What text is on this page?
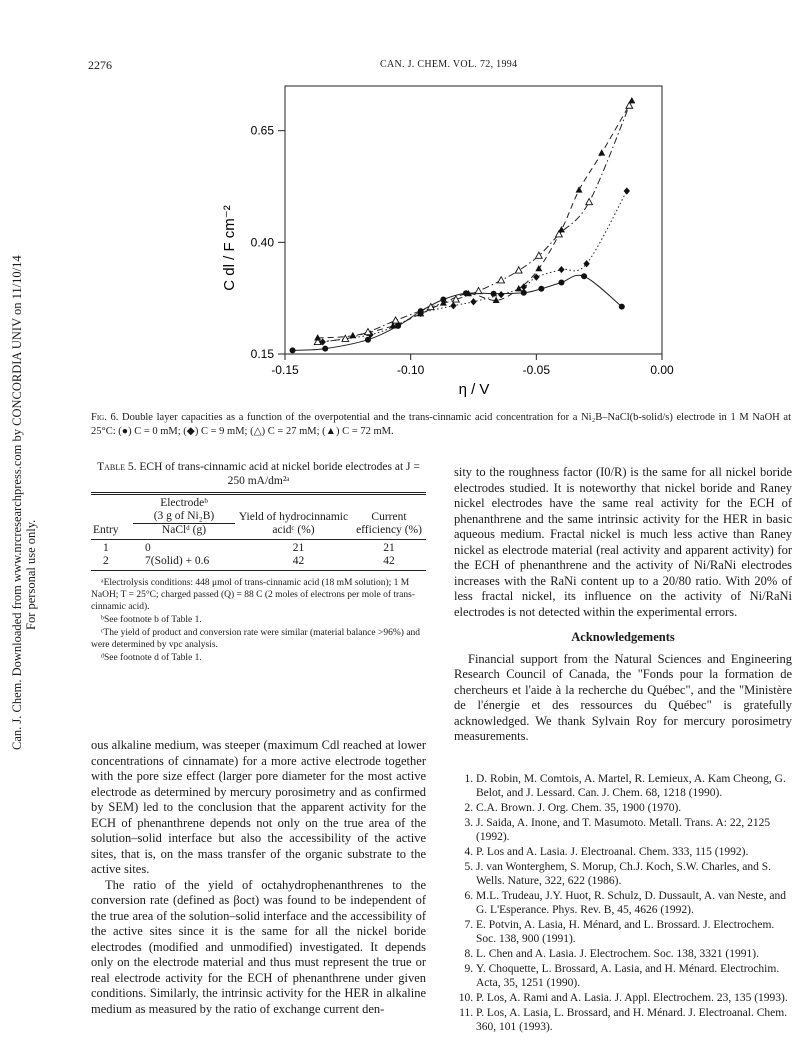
2276	CAN. J. CHEM. VOL. 72, 1994
Can. J. Chem. Downloaded from www.nrcresearchpress.com by CONCORDIA UNIV on 11/10/14
For personal use only.
-0.15	-0.10	-0.05	0.00
0.15
0.40
0.65
C dl / F cm⁻²
η / V
Fig. 6. Double layer capacities as a function of the overpotential and the trans-cinnamic acid concentration for a Ni₂B–NaCl(b-solid/s) electrode in 1 M NaOH at 25°C: (●) C = 0 mM; (◆) C = 9 mM; (△) C = 27 mM; (▲) C = 72 mM.
Table 5. ECH of trans-cinnamic acid at nickel boride electrodes at J = 250 mA/dm²ᵃ
	Electrodeᵇ
(3 g of Ni₂B)	Yield of hydrocinnamic acidᶜ (%)	Current efficiency (%)
Entry	NaClᵈ (g)		
1	0	21	21
2	7(Solid) + 0.6	42	42

ᵃElectrolysis conditions: 448 μmol of trans-cinnamic acid (18 mM solution); 1 M NaOH; T = 25°C; charged passed (Q) = 88 C (2 moles of electrons per mole of trans-cinnamic acid).

ᵇSee footnote b of Table 1.

ᶜThe yield of product and conversion rate were similar (material balance >96%) and were determined by vpc analysis.

ᵈSee footnote d of Table 1.

ous alkaline medium, was steeper (maximum Cdl reached at lower concentrations of cinnamate) for a more active electrode together with the pore size effect (larger pore diameter for the most active electrode as determined by mercury porosimetry and as confirmed by SEM) led to the conclusion that the apparent activity for the ECH of phenanthrene depends not only on the true area of the solution–solid interface but also the accessibility of the active sites, that is, on the mass transfer of the organic substrate to the active sites.

The ratio of the yield of octahydrophenanthrenes to the conversion rate (defined as βoct) was found to be independent of the true area of the solution–solid interface and the accessibility of the active sites since it is the same for all the nickel boride electrodes (modified and unmodified) investigated. It depends only on the electrode material and thus must represent the true or real electrode activity for the ECH of phenanthrene under given conditions. Similarly, the intrinsic activity for the HER in alkaline medium as measured by the ratio of exchange current den-

sity to the roughness factor (I0/R) is the same for all nickel boride electrodes studied. It is noteworthy that nickel boride and Raney nickel electrodes have the same real activity for the ECH of phenanthrene and the same intrinsic activity for the HER in basic aqueous medium. Fractal nickel is much less active than Raney nickel as electrode material (real activity and apparent activity) for the ECH of phenanthrene and the activity of Ni/RaNi electrodes increases with the RaNi content up to a 20/80 ratio. With 20% of less fractal nickel, its influence on the activity of Ni/RaNi electrodes is not detected within the experimental errors.

Acknowledgements

Financial support from the Natural Sciences and Engineering Research Council of Canada, the "Fonds pour la formation de chercheurs et l'aide à la recherche du Québec", and the "Ministère de l'énergie et des ressources du Québec" is gratefully acknowledged. We thank Sylvain Roy for mercury porosimetry measurements.

1. D. Robin, M. Comtois, A. Martel, R. Lemieux, A. Kam Cheong, G. Belot, and J. Lessard. Can. J. Chem. 68, 1218 (1990).
2. C.A. Brown. J. Org. Chem. 35, 1900 (1970).
3. J. Saida, A. Inone, and T. Masumoto. Metall. Trans. A: 22, 2125 (1992).
4. P. Los and A. Lasia. J. Electroanal. Chem. 333, 115 (1992).
5. J. van Wonterghem, S. Morup, Ch.J. Koch, S.W. Charles, and S. Wells. Nature, 322, 622 (1986).
6. M.L. Trudeau, J.Y. Huot, R. Schulz, D. Dussault, A. van Neste, and G. L'Esperance. Phys. Rev. B, 45, 4626 (1992).
7. E. Potvin, A. Lasia, H. Ménard, and L. Brossard. J. Electrochem. Soc. 138, 900 (1991).
8. L. Chen and A. Lasia. J. Electrochem. Soc. 138, 3321 (1991).
9. Y. Choquette, L. Brossard, A. Lasia, and H. Ménard. Electrochim. Acta, 35, 1251 (1990).
10. P. Los, A. Rami and A. Lasia. J. Appl. Electrochem. 23, 135 (1993).
11. P. Los, A. Lasia, L. Brossard, and H. Ménard. J. Electroanal. Chem. 360, 101 (1993).
